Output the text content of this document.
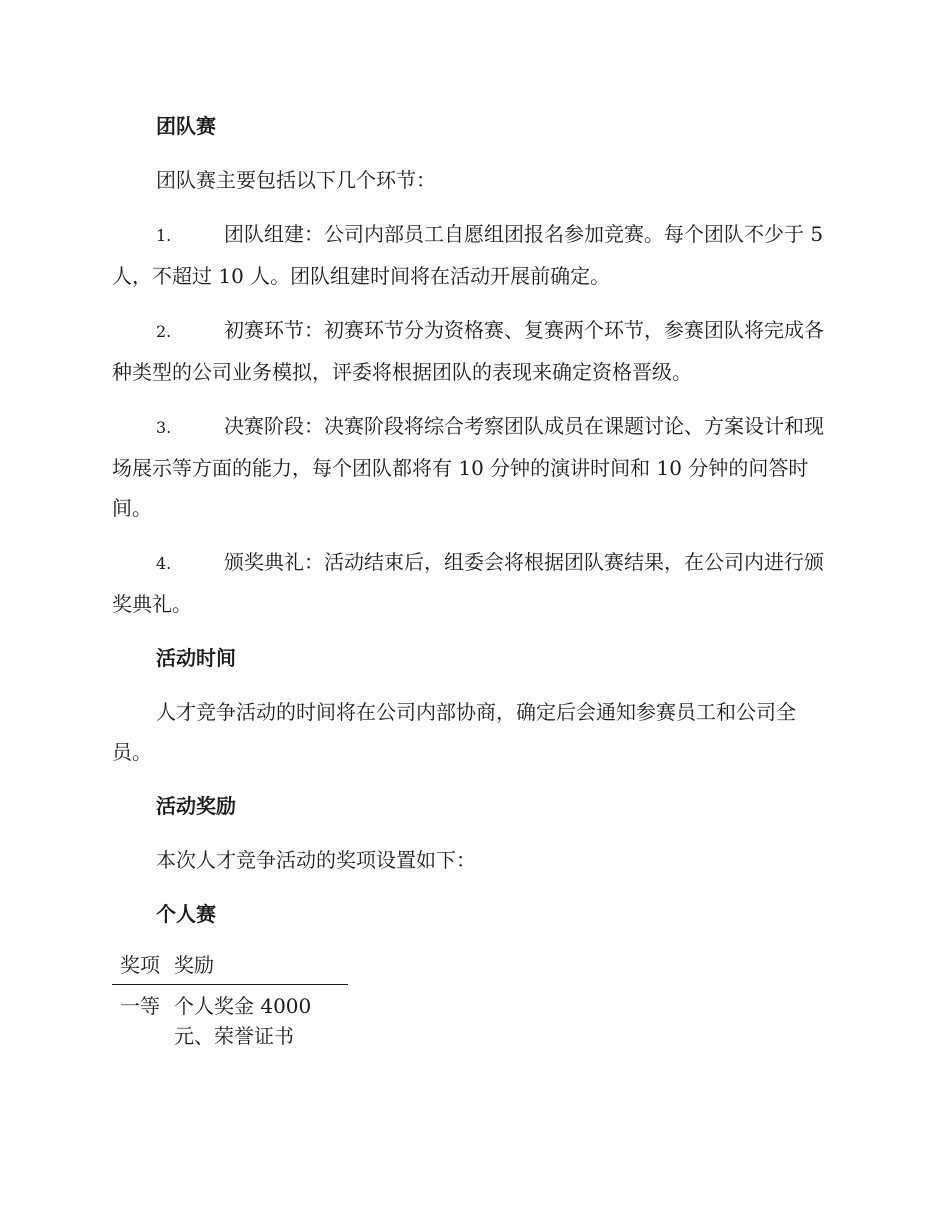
团队赛

团队赛主要包括以下几个环节：

1.	团队组建：公司内部员工自愿组团报名参加竞赛。每个团队不少于 5 人，不超过 10 人。团队组建时间将在活动开展前确定。

2.	初赛环节：初赛环节分为资格赛、复赛两个环节，参赛团队将完成各种类型的公司业务模拟，评委将根据团队的表现来确定资格晋级。

3.	决赛阶段：决赛阶段将综合考察团队成员在课题讨论、方案设计和现场展示等方面的能力，每个团队都将有 10 分钟的演讲时间和 10 分钟的问答时间。

4.	颁奖典礼：活动结束后，组委会将根据团队赛结果，在公司内进行颁奖典礼。

活动时间

人才竞争活动的时间将在公司内部协商，确定后会通知参赛员工和公司全员。

活动奖励

本次人才竞争活动的奖项设置如下：

个人赛
奖项	奖励
一等	个人奖金 4000 元、荣誉证书
